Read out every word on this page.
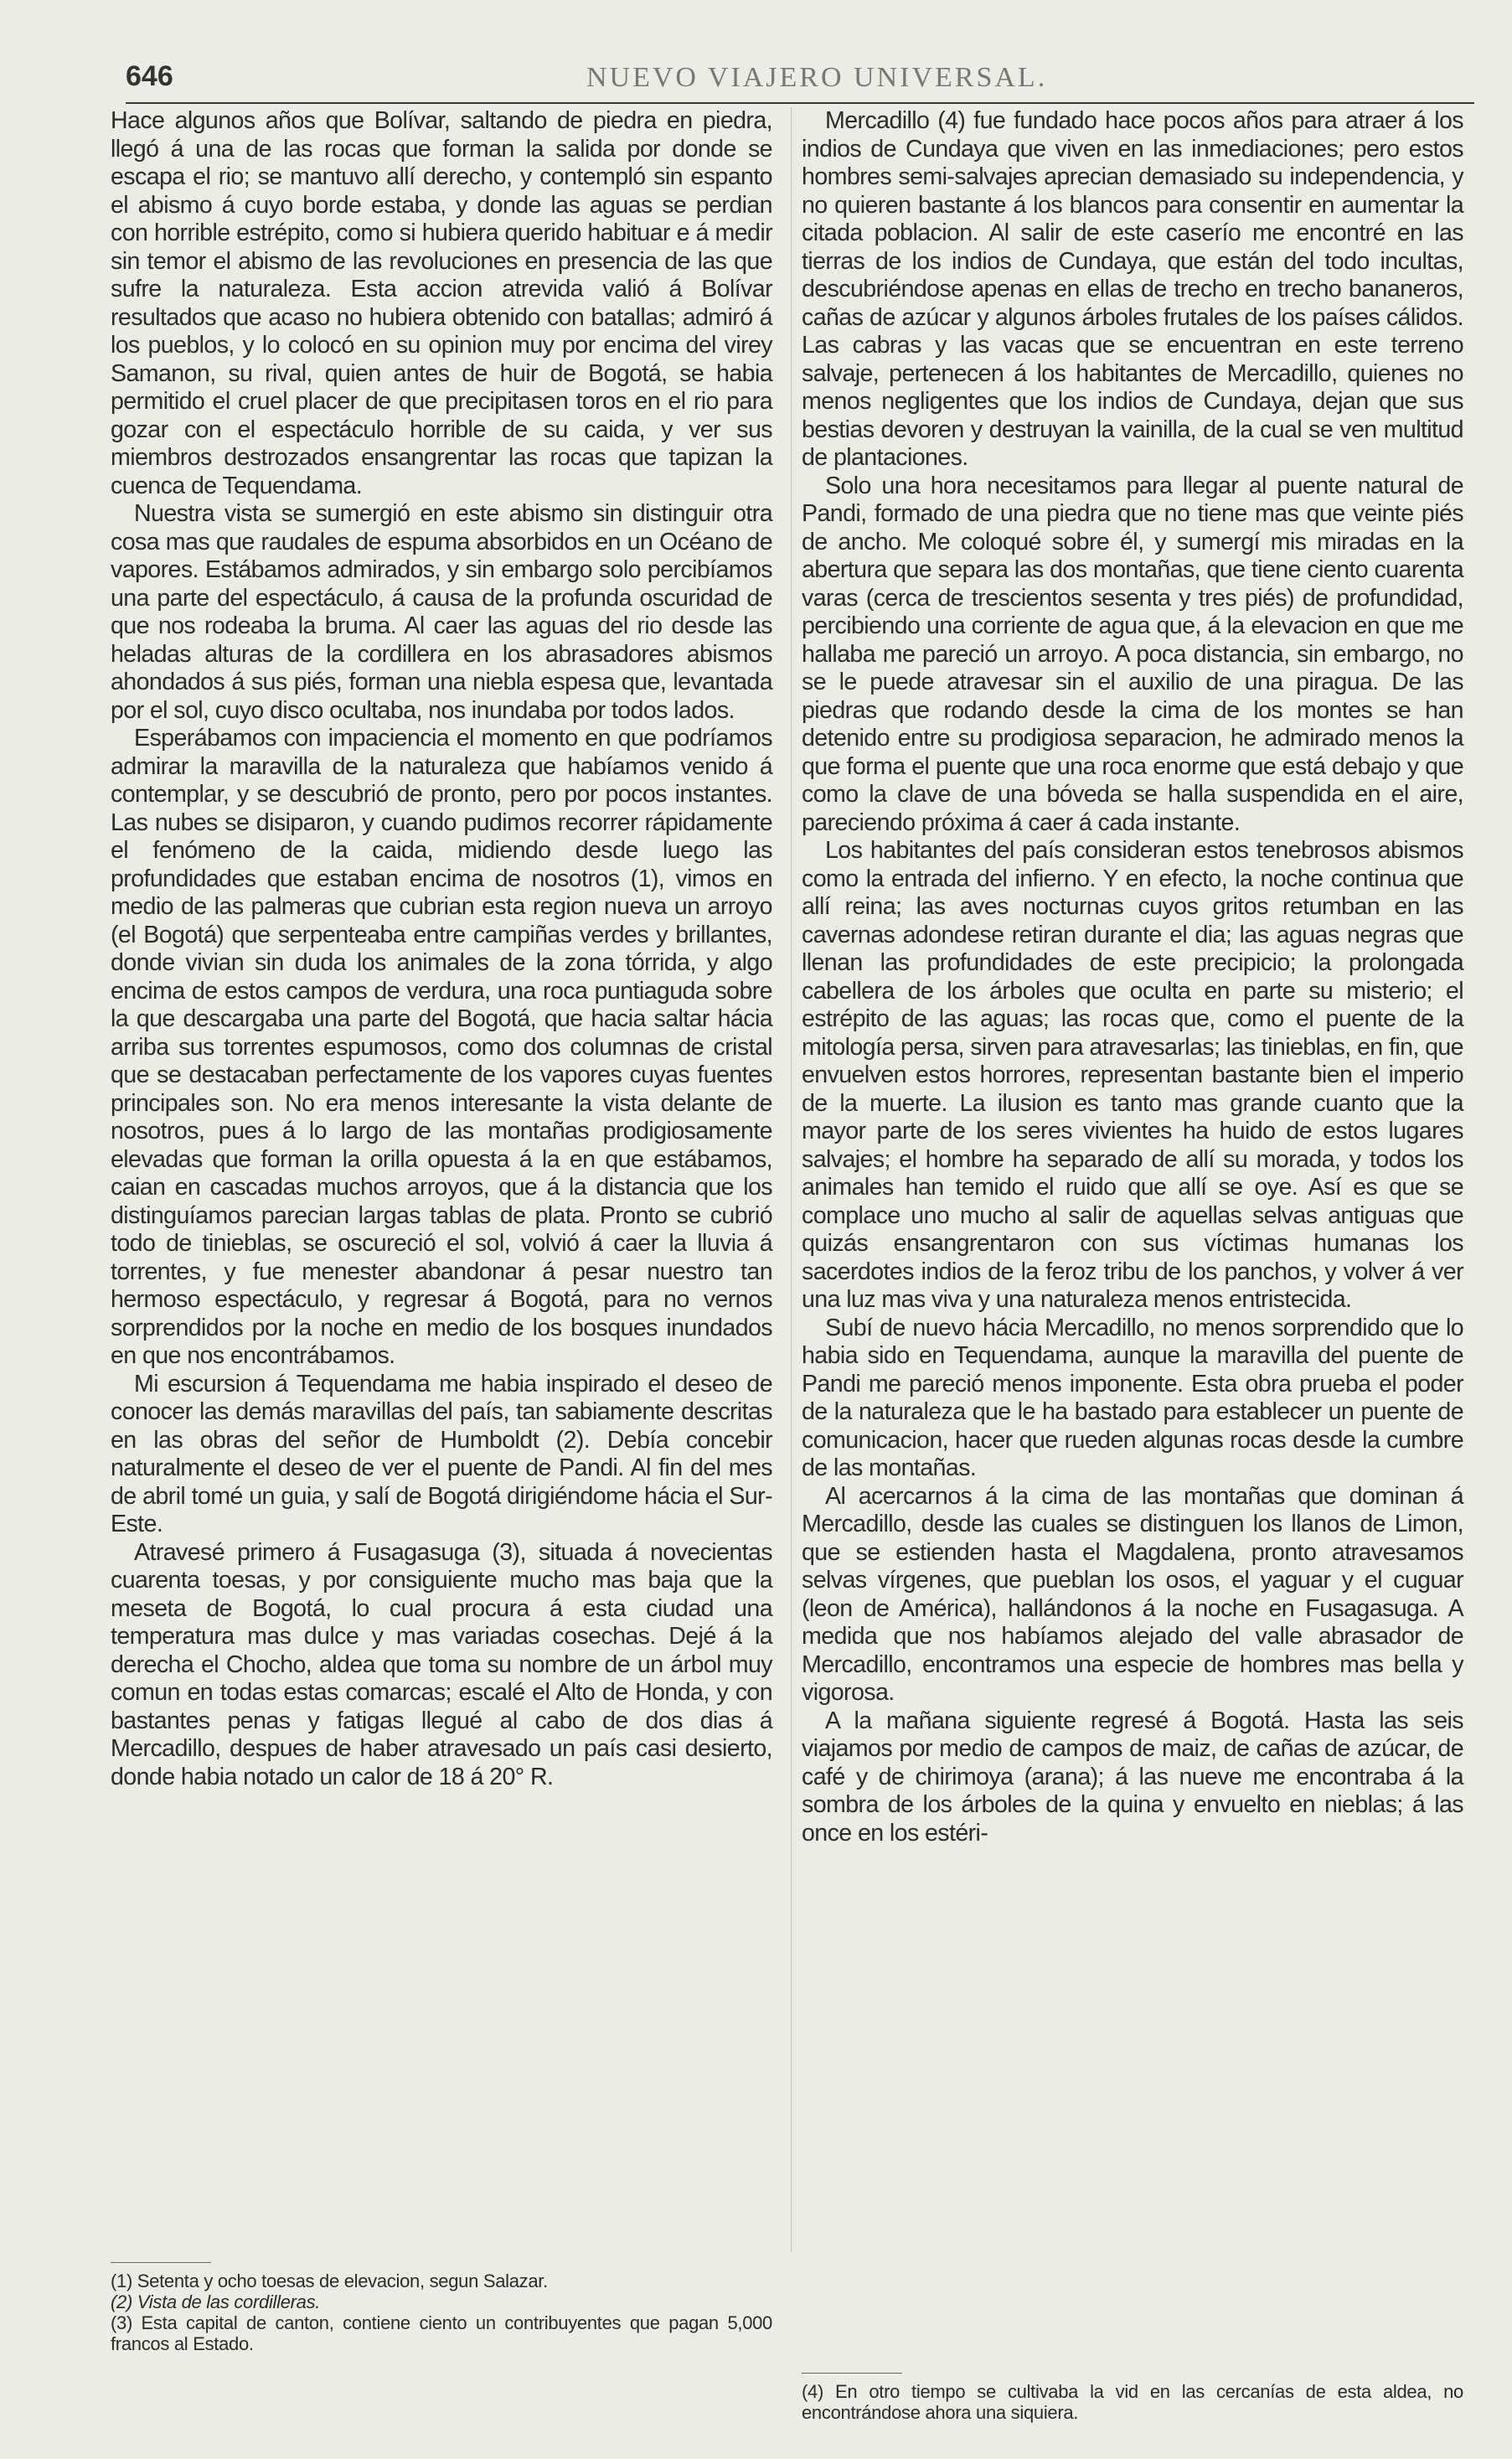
646	NUEVO VIAJERO UNIVERSAL.

Hace algunos años que Bolívar, saltando de piedra en piedra, llegó á una de las rocas que forman la salida por donde se escapa el rio; se mantuvo allí derecho, y contempló sin espanto el abismo á cuyo borde estaba, y donde las aguas se perdian con horrible estrépito, como si hubiera querido habituar e á medir sin temor el abismo de las revoluciones en presencia de las que sufre la naturaleza. Esta accion atrevida valió á Bolívar resultados que acaso no hubiera obtenido con batallas; admiró á los pueblos, y lo colocó en su opinion muy por encima del virey Samanon, su rival, quien antes de huir de Bogotá, se habia permitido el cruel placer de que precipitasen toros en el rio para gozar con el espectáculo horrible de su caida, y ver sus miembros destrozados ensangrentar las rocas que tapizan la cuenca de Tequendama.

Nuestra vista se sumergió en este abismo sin distinguir otra cosa mas que raudales de espuma absorbidos en un Océano de vapores. Estábamos admirados, y sin embargo solo percibíamos una parte del espectáculo, á causa de la profunda oscuridad de que nos rodeaba la bruma. Al caer las aguas del rio desde las heladas alturas de la cordillera en los abrasadores abismos ahondados á sus piés, forman una niebla espesa que, levantada por el sol, cuyo disco ocultaba, nos inundaba por todos lados.

Esperábamos con impaciencia el momento en que podríamos admirar la maravilla de la naturaleza que habíamos venido á contemplar, y se descubrió de pronto, pero por pocos instantes. Las nubes se disiparon, y cuando pudimos recorrer rápidamente el fenómeno de la caida, midiendo desde luego las profundidades que estaban encima de nosotros (1), vimos en medio de las palmeras que cubrian esta region nueva un arroyo (el Bogotá) que serpenteaba entre campiñas verdes y brillantes, donde vivian sin duda los animales de la zona tórrida, y algo encima de estos campos de verdura, una roca puntiaguda sobre la que descargaba una parte del Bogotá, que hacia saltar hácia arriba sus torrentes espumosos, como dos columnas de cristal que se destacaban perfectamente de los vapores cuyas fuentes principales son. No era menos interesante la vista delante de nosotros, pues á lo largo de las montañas prodigiosamente elevadas que forman la orilla opuesta á la en que estábamos, caian en cascadas muchos arroyos, que á la distancia que los distinguíamos parecian largas tablas de plata. Pronto se cubrió todo de tinieblas, se oscureció el sol, volvió á caer la lluvia á torrentes, y fue menester abandonar á pesar nuestro tan hermoso espectáculo, y regresar á Bogotá, para no vernos sorprendidos por la noche en medio de los bosques inundados en que nos encontrábamos.

Mi escursion á Tequendama me habia inspirado el deseo de conocer las demás maravillas del país, tan sabiamente descritas en las obras del señor de Humboldt (2). Debía concebir naturalmente el deseo de ver el puente de Pandi. Al fin del mes de abril tomé un guia, y salí de Bogotá dirigiéndome hácia el Sur-Este.

Atravesé primero á Fusagasuga (3), situada á novecientas cuarenta toesas, y por consiguiente mucho mas baja que la meseta de Bogotá, lo cual procura á esta ciudad una temperatura mas dulce y mas variadas cosechas. Dejé á la derecha el Chocho, aldea que toma su nombre de un árbol muy comun en todas estas comarcas; escalé el Alto de Honda, y con bastantes penas y fatigas llegué al cabo de dos dias á Mercadillo, despues de haber atravesado un país casi desierto, donde habia notado un calor de 18 á 20° R.

Mercadillo (4) fue fundado hace pocos años para atraer á los indios de Cundaya que viven en las inmediaciones; pero estos hombres semi-salvajes aprecian demasiado su independencia, y no quieren bastante á los blancos para consentir en aumentar la citada poblacion. Al salir de este caserío me encontré en las tierras de los indios de Cundaya, que están del todo incultas, descubriéndose apenas en ellas de trecho en trecho bananeros, cañas de azúcar y algunos árboles frutales de los países cálidos. Las cabras y las vacas que se encuentran en este terreno salvaje, pertenecen á los habitantes de Mercadillo, quienes no menos negligentes que los indios de Cundaya, dejan que sus bestias devoren y destruyan la vainilla, de la cual se ven multitud de plantaciones.

Solo una hora necesitamos para llegar al puente natural de Pandi, formado de una piedra que no tiene mas que veinte piés de ancho. Me coloqué sobre él, y sumergí mis miradas en la abertura que separa las dos montañas, que tiene ciento cuarenta varas (cerca de trescientos sesenta y tres piés) de profundidad, percibiendo una corriente de agua que, á la elevacion en que me hallaba me pareció un arroyo. A poca distancia, sin embargo, no se le puede atravesar sin el auxilio de una piragua. De las piedras que rodando desde la cima de los montes se han detenido entre su prodigiosa separacion, he admirado menos la que forma el puente que una roca enorme que está debajo y que como la clave de una bóveda se halla suspendida en el aire, pareciendo próxima á caer á cada instante.

Los habitantes del país consideran estos tenebrosos abismos como la entrada del infierno. Y en efecto, la noche continua que allí reina; las aves nocturnas cuyos gritos retumban en las cavernas adondese retiran durante el dia; las aguas negras que llenan las profundidades de este precipicio; la prolongada cabellera de los árboles que oculta en parte su misterio; el estrépito de las aguas; las rocas que, como el puente de la mitología persa, sirven para atravesarlas; las tinieblas, en fin, que envuelven estos horrores, representan bastante bien el imperio de la muerte. La ilusion es tanto mas grande cuanto que la mayor parte de los seres vivientes ha huido de estos lugares salvajes; el hombre ha separado de allí su morada, y todos los animales han temido el ruido que allí se oye. Así es que se complace uno mucho al salir de aquellas selvas antiguas que quizás ensangrentaron con sus víctimas humanas los sacerdotes indios de la feroz tribu de los panchos, y volver á ver una luz mas viva y una naturaleza menos entristecida.

Subí de nuevo hácia Mercadillo, no menos sorprendido que lo habia sido en Tequendama, aunque la maravilla del puente de Pandi me pareció menos imponente. Esta obra prueba el poder de la naturaleza que le ha bastado para establecer un puente de comunicacion, hacer que rueden algunas rocas desde la cumbre de las montañas.

Al acercarnos á la cima de las montañas que dominan á Mercadillo, desde las cuales se distinguen los llanos de Limon, que se estienden hasta el Magdalena, pronto atravesamos selvas vírgenes, que pueblan los osos, el yaguar y el cuguar (leon de América), hallándonos á la noche en Fusagasuga. A medida que nos habíamos alejado del valle abrasador de Mercadillo, encontramos una especie de hombres mas bella y vigorosa.

A la mañana siguiente regresé á Bogotá. Hasta las seis viajamos por medio de campos de maiz, de cañas de azúcar, de café y de chirimoya (arana); á las nueve me encontraba á la sombra de los árboles de la quina y envuelto en nieblas; á las once en los estéri-

(1) Setenta y ocho toesas de elevacion, segun Salazar.

(2) Vista de las cordilleras.

(3) Esta capital de canton, contiene ciento un contribuyentes que pagan 5,000 francos al Estado.

(4) En otro tiempo se cultivaba la vid en las cercanías de esta aldea, no encontrándose ahora una siquiera.
